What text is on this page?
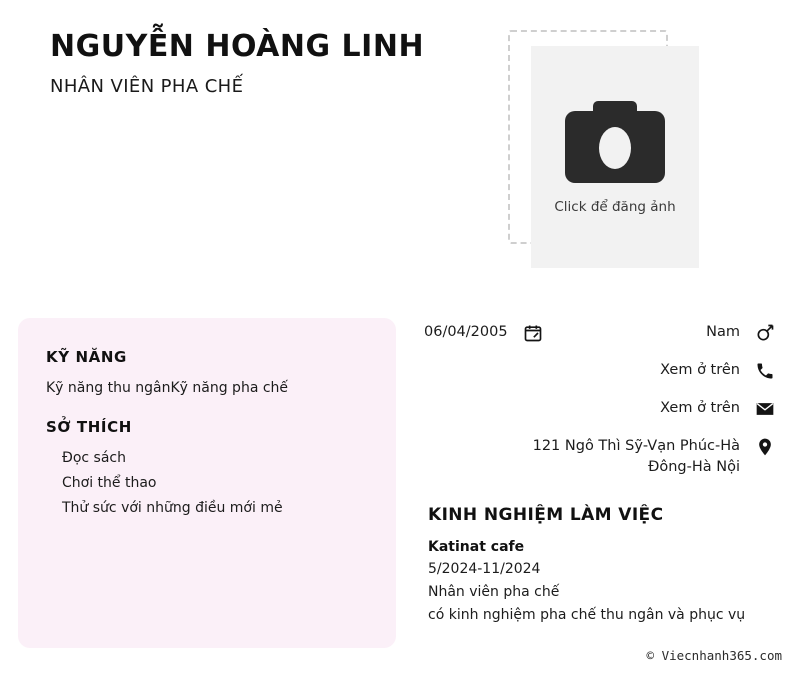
NGUYỄN HOÀNG LINH
NHÂN VIÊN PHA CHẾ
Click để đăng ảnh
KỸ NĂNG

Kỹ năng thu ngânKỹ năng pha chế

SỞ THÍCH
Đọc sách
Chơi thể thao
Thử sức với những điều mới mẻ
06/04/2005	Nam
Xem ở trên
Xem ở trên
121 Ngô Thì Sỹ-Vạn Phúc-Hà
Đông-Hà Nội
KINH NGHIỆM LÀM VIỆC

Katinat cafe

5/2024-11/2024

Nhân viên pha chế

có kinh nghiệm pha chế thu ngân và phục vụ

© Viecnhanh365.com
